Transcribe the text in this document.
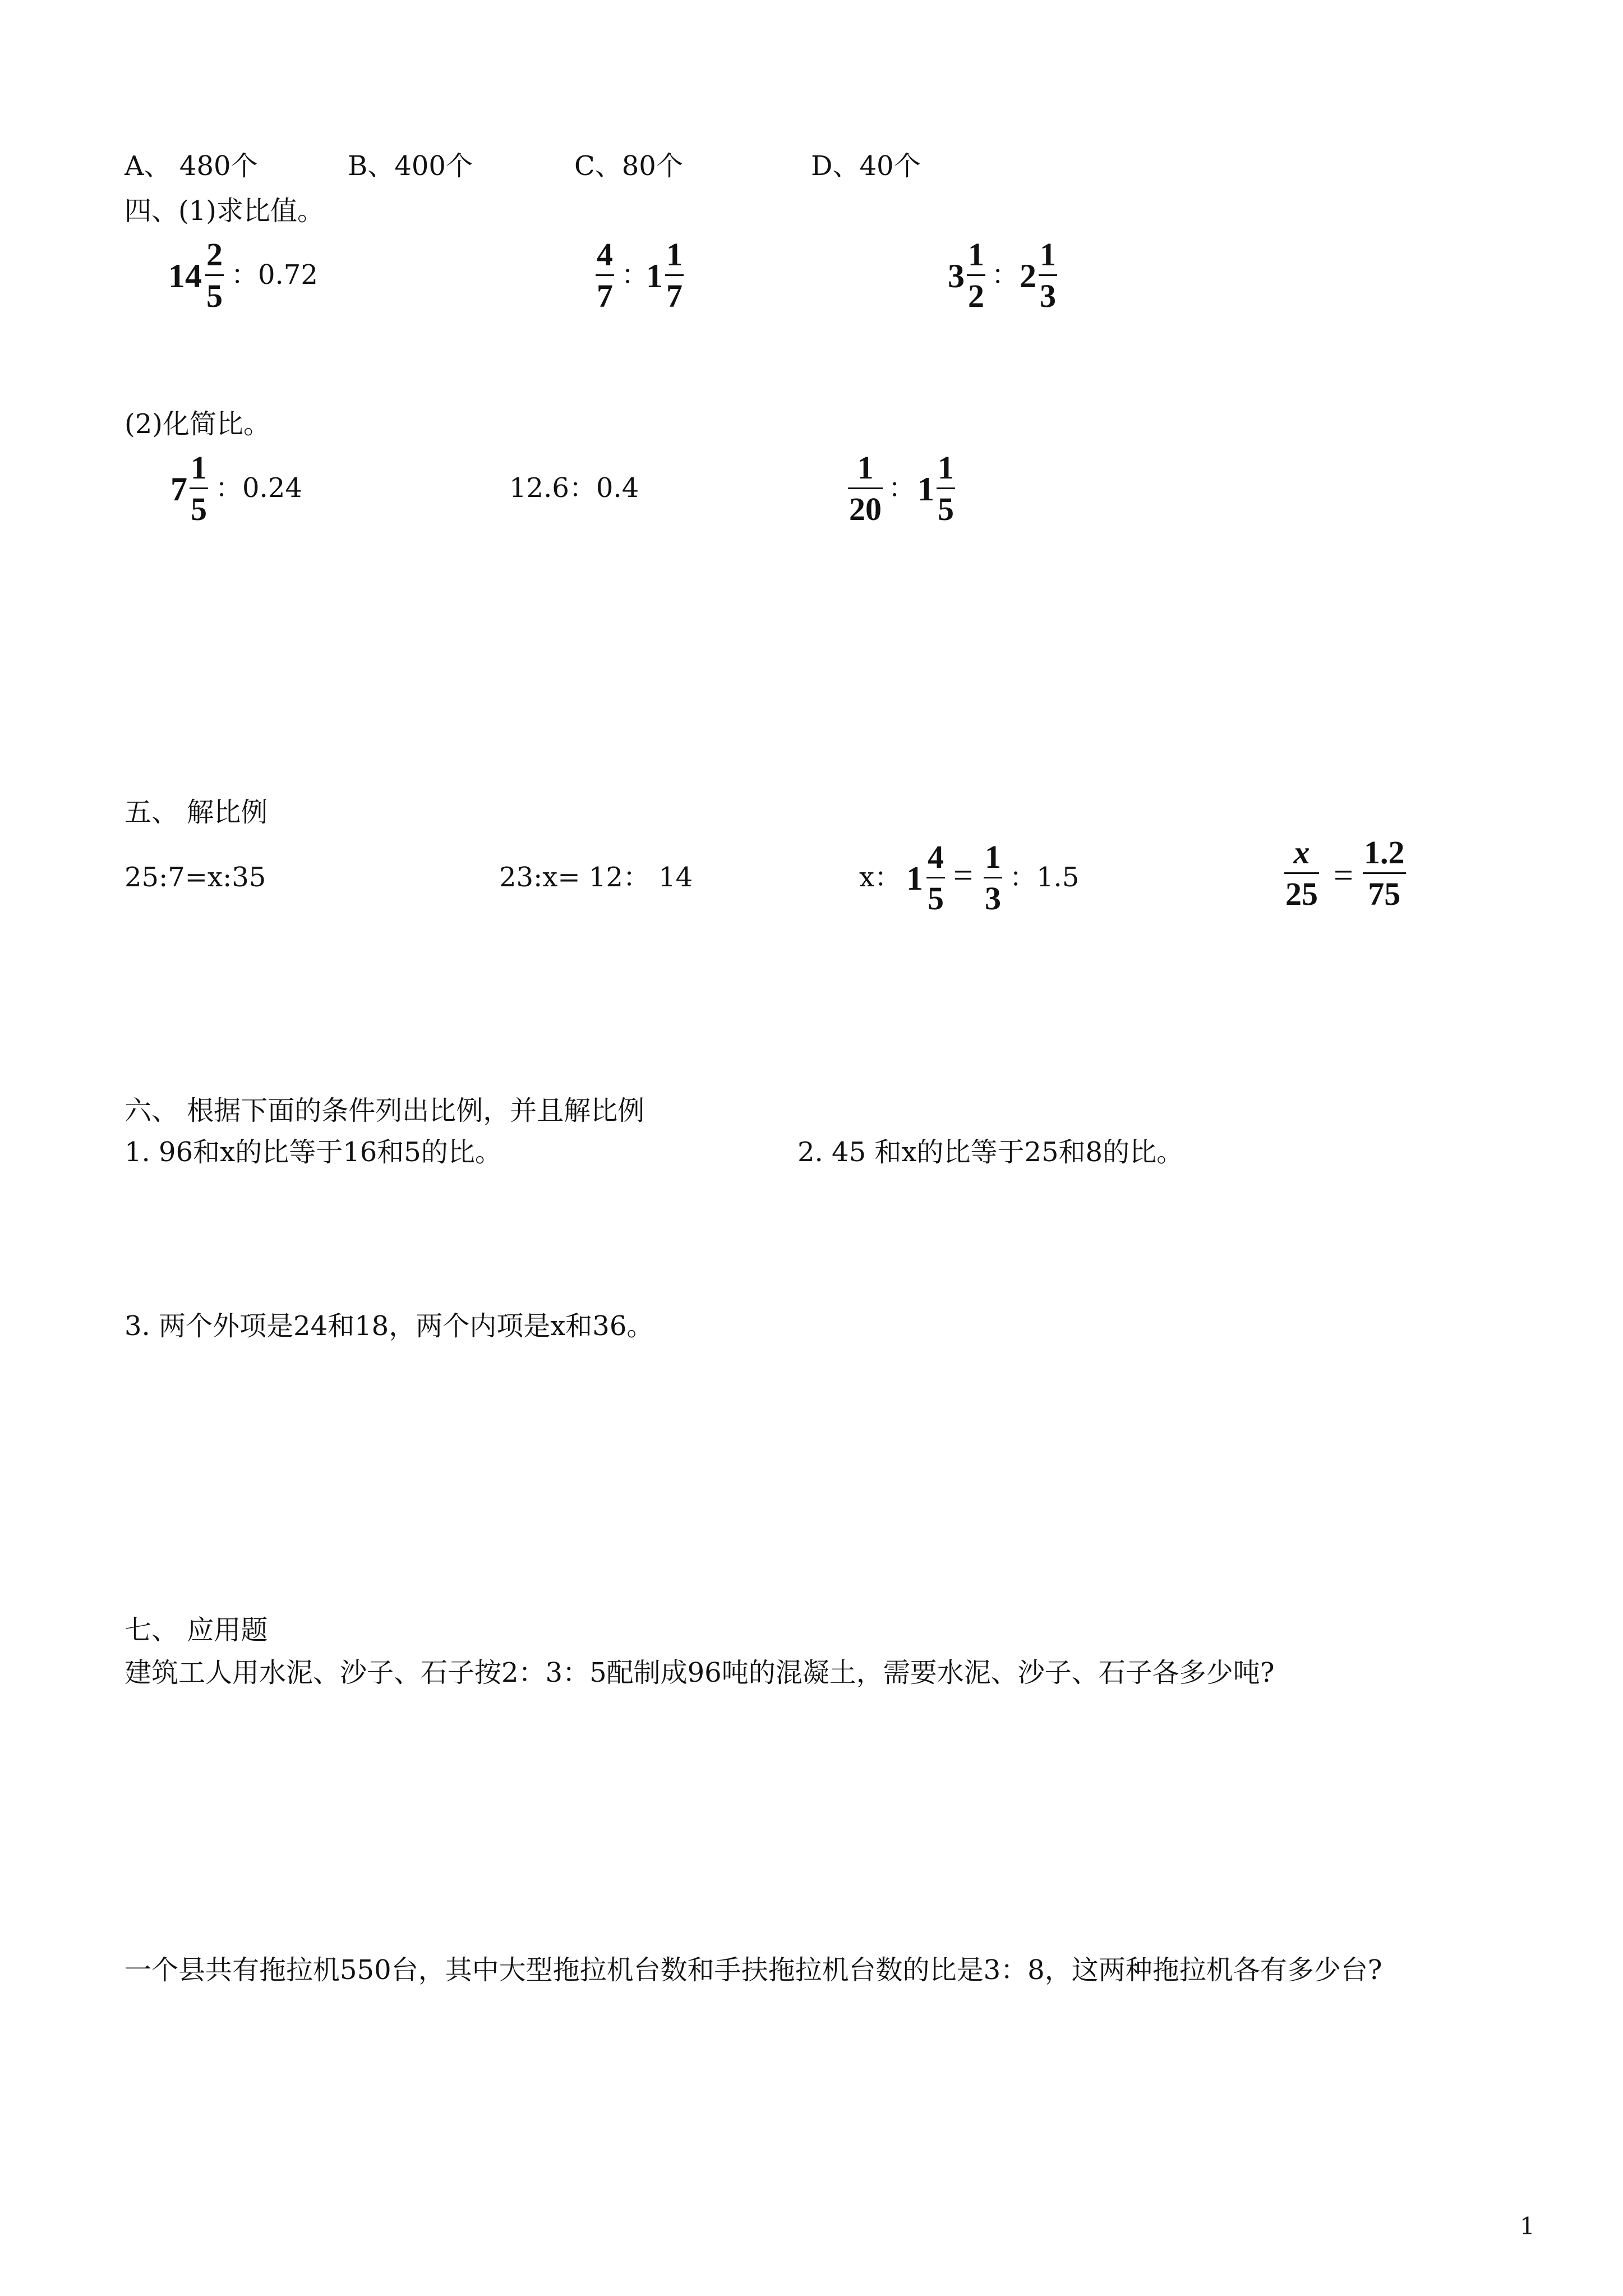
A、 480个	B、400个	C、80个	D、40个
四、(1)求比值。
14
2
5
：0.72
4
7
：
1
1
7
3
1
2
： 2
1
3
(2)化简比。
7
1
5
：0.24	12.6：0.4
1
20
： 1
1
5
五、 解比例
25:7=x:35	23:x= 12： 14	x： 1
4
5
= 1
3
：1.5
x
25 =
1.2
75
六、 根据下面的条件列出比例，并且解比例
1. 96和x的比等于16和5的比。	2. 45 和x的比等于25和8的比。
3. 两个外项是24和18，两个内项是x和36。
七、 应用题
建筑工人用水泥、沙子、石子按2：3：5配制成96吨的混凝土，需要水泥、沙子、石子各多少吨?
一个县共有拖拉机550台，其中大型拖拉机台数和手扶拖拉机台数的比是3：8，这两种拖拉机各有多少台?
1
